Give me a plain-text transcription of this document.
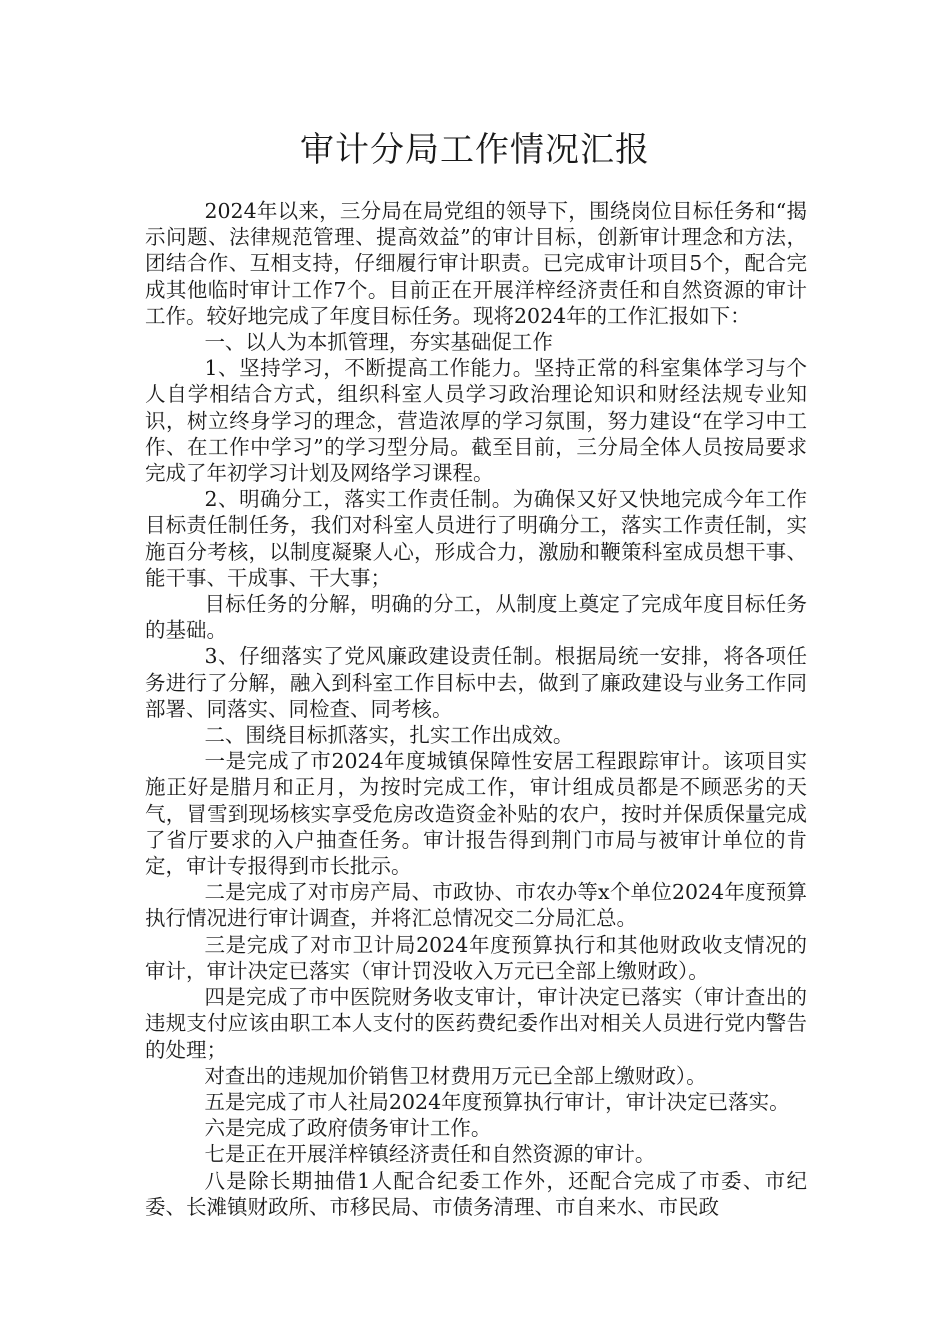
审计分局工作情况汇报

2024年以来，三分局在局党组的领导下，围绕岗位目标任务和“揭示问题、法律规范管理、提高效益”的审计目标，创新审计理念和方法，团结合作、互相支持，仔细履行审计职责。已完成审计项目5个，配合完成其他临时审计工作7个。目前正在开展洋梓经济责任和自然资源的审计工作。较好地完成了年度目标任务。现将2024年的工作汇报如下：

一、以人为本抓管理，夯实基础促工作

1、坚持学习，不断提高工作能力。坚持正常的科室集体学习与个人自学相结合方式，组织科室人员学习政治理论知识和财经法规专业知识，树立终身学习的理念，营造浓厚的学习氛围，努力建设“在学习中工作、在工作中学习”的学习型分局。截至目前，三分局全体人员按局要求完成了年初学习计划及网络学习课程。

2、明确分工，落实工作责任制。为确保又好又快地完成今年工作目标责任制任务，我们对科室人员进行了明确分工，落实工作责任制，实施百分考核，以制度凝聚人心，形成合力，激励和鞭策科室成员想干事、能干事、干成事、干大事；

目标任务的分解，明确的分工，从制度上奠定了完成年度目标任务的基础。

3、仔细落实了党风廉政建设责任制。根据局统一安排，将各项任务进行了分解，融入到科室工作目标中去，做到了廉政建设与业务工作同部署、同落实、同检查、同考核。

二、围绕目标抓落实，扎实工作出成效。

一是完成了市2024年度城镇保障性安居工程跟踪审计。该项目实施正好是腊月和正月，为按时完成工作，审计组成员都是不顾恶劣的天气，冒雪到现场核实享受危房改造资金补贴的农户，按时并保质保量完成了省厅要求的入户抽查任务。审计报告得到荆门市局与被审计单位的肯定，审计专报得到市长批示。

二是完成了对市房产局、市政协、市农办等x个单位2024年度预算执行情况进行审计调查，并将汇总情况交二分局汇总。

三是完成了对市卫计局2024年度预算执行和其他财政收支情况的审计，审计决定已落实（审计罚没收入万元已全部上缴财政）。

四是完成了市中医院财务收支审计，审计决定已落实（审计查出的违规支付应该由职工本人支付的医药费纪委作出对相关人员进行党内警告的处理；

对查出的违规加价销售卫材费用万元已全部上缴财政）。

五是完成了市人社局2024年度预算执行审计，审计决定已落实。

六是完成了政府债务审计工作。

七是正在开展洋梓镇经济责任和自然资源的审计。

八是除长期抽借1人配合纪委工作外，还配合完成了市委、市纪委、长滩镇财政所、市移民局、市债务清理、市自来水、市民政
